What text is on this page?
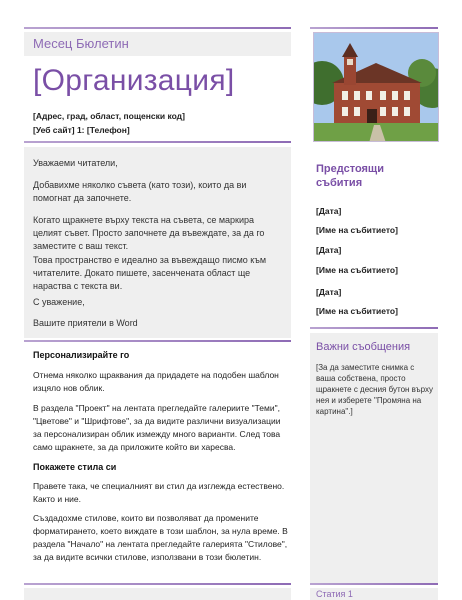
Месец Бюлетин
[Организация]
[Адрес, град, област, пощенски код]
[Уеб сайт] 1: [Телефон]

Уважаеми читатели,

Добавихме няколко съвета (като този), които да ви помогнат да започнете.

Когато щракнете върху текста на съвета, се маркира целият съвет. Просто започнете да въвеждате, за да го заместите с ваш текст.

Това пространство е идеално за въвеждащо писмо към читателите. Докато пишете, засенчената област ще нараства с текста ви.

С уважение,

Вашите приятели в Word

Предстоящи събития
[Дата]
[Име на събитието]
[Дата]
[Име на събитието]
[Дата]
[Име на събитието]
Важни съобщения
[За да заместите снимка с ваша собствена, просто щракнете с десния бутон върху нея и изберете "Промяна на картина".]
Персонализирайте го
Отнема няколко щраквания да придадете на подобен шаблон изцяло нов облик.
В раздела "Проект" на лентата прегледайте галериите "Теми", "Цветове" и "Шрифтове", за да видите различни визуализации за персонализиран облик измежду много варианти. След това само щракнете, за да приложите който ви харесва.
Покажете стила си
Правете така, че специалният ви стил да изглежда естествено. Както и ние.
Създадохме стилове, които ви позволяват да промените форматирането, което виждате в този шаблон, за нула време. В раздела "Начало" на лентата прегледайте галерията "Стилове", за да видите всички стилове, използвани в този бюлетин.
Статия 1
